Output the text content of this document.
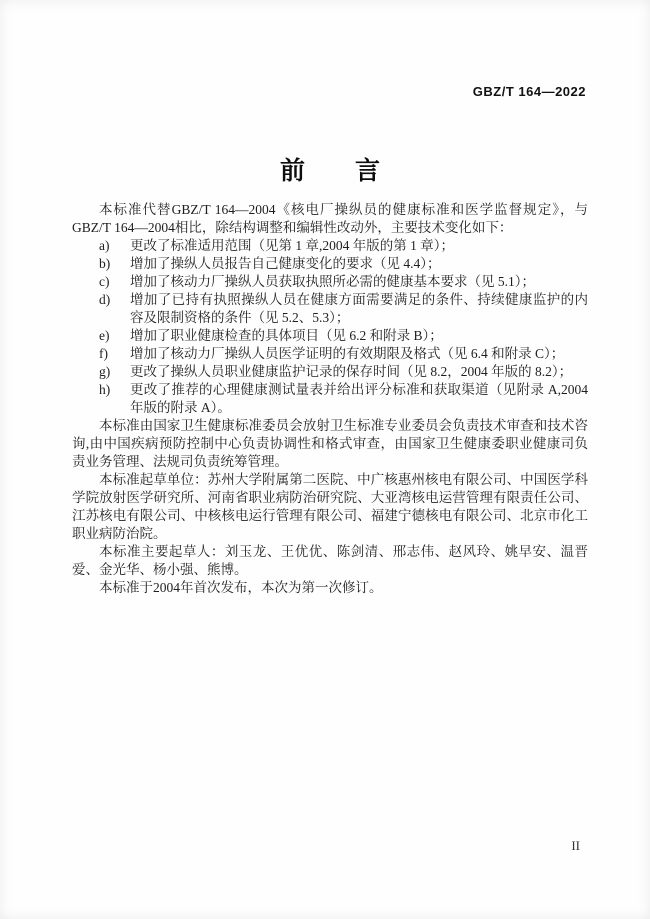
GBZ/T 164—2022
前　　言

本标准代替GBZ/T 164—2004《核电厂操纵员的健康标准和医学监督规定》，与GBZ/T 164—2004相比，除结构调整和编辑性改动外，主要技术变化如下：

a) 更改了标准适用范围（见第 1 章,2004 年版的第 1 章）；
b) 增加了操纵人员报告自己健康变化的要求（见 4.4）；
c) 增加了核动力厂操纵人员获取执照所必需的健康基本要求（见 5.1）；
d) 增加了已持有执照操纵人员在健康方面需要满足的条件、持续健康监护的内容及限制资格的条件（见 5.2、5.3）；
e) 增加了职业健康检查的具体项目（见 6.2 和附录 B）；
f) 增加了核动力厂操纵人员医学证明的有效期限及格式（见 6.4 和附录 C）；
g) 更改了操纵人员职业健康监护记录的保存时间（见 8.2，2004 年版的 8.2）；
h) 更改了推荐的心理健康测试量表并给出评分标准和获取渠道（见附录 A,2004 年版的附录 A）。

本标准由国家卫生健康标准委员会放射卫生标准专业委员会负责技术审查和技术咨询,由中国疾病预防控制中心负责协调性和格式审查，由国家卫生健康委职业健康司负责业务管理、法规司负责统筹管理。

本标准起草单位：苏州大学附属第二医院、中广核惠州核电有限公司、中国医学科学院放射医学研究所、河南省职业病防治研究院、大亚湾核电运营管理有限责任公司、江苏核电有限公司、中核核电运行管理有限公司、福建宁德核电有限公司、北京市化工职业病防治院。

本标准主要起草人：刘玉龙、王优优、陈剑清、邢志伟、赵风玲、姚早安、温晋爱、金光华、杨小强、熊博。

本标准于2004年首次发布，本次为第一次修订。

II
